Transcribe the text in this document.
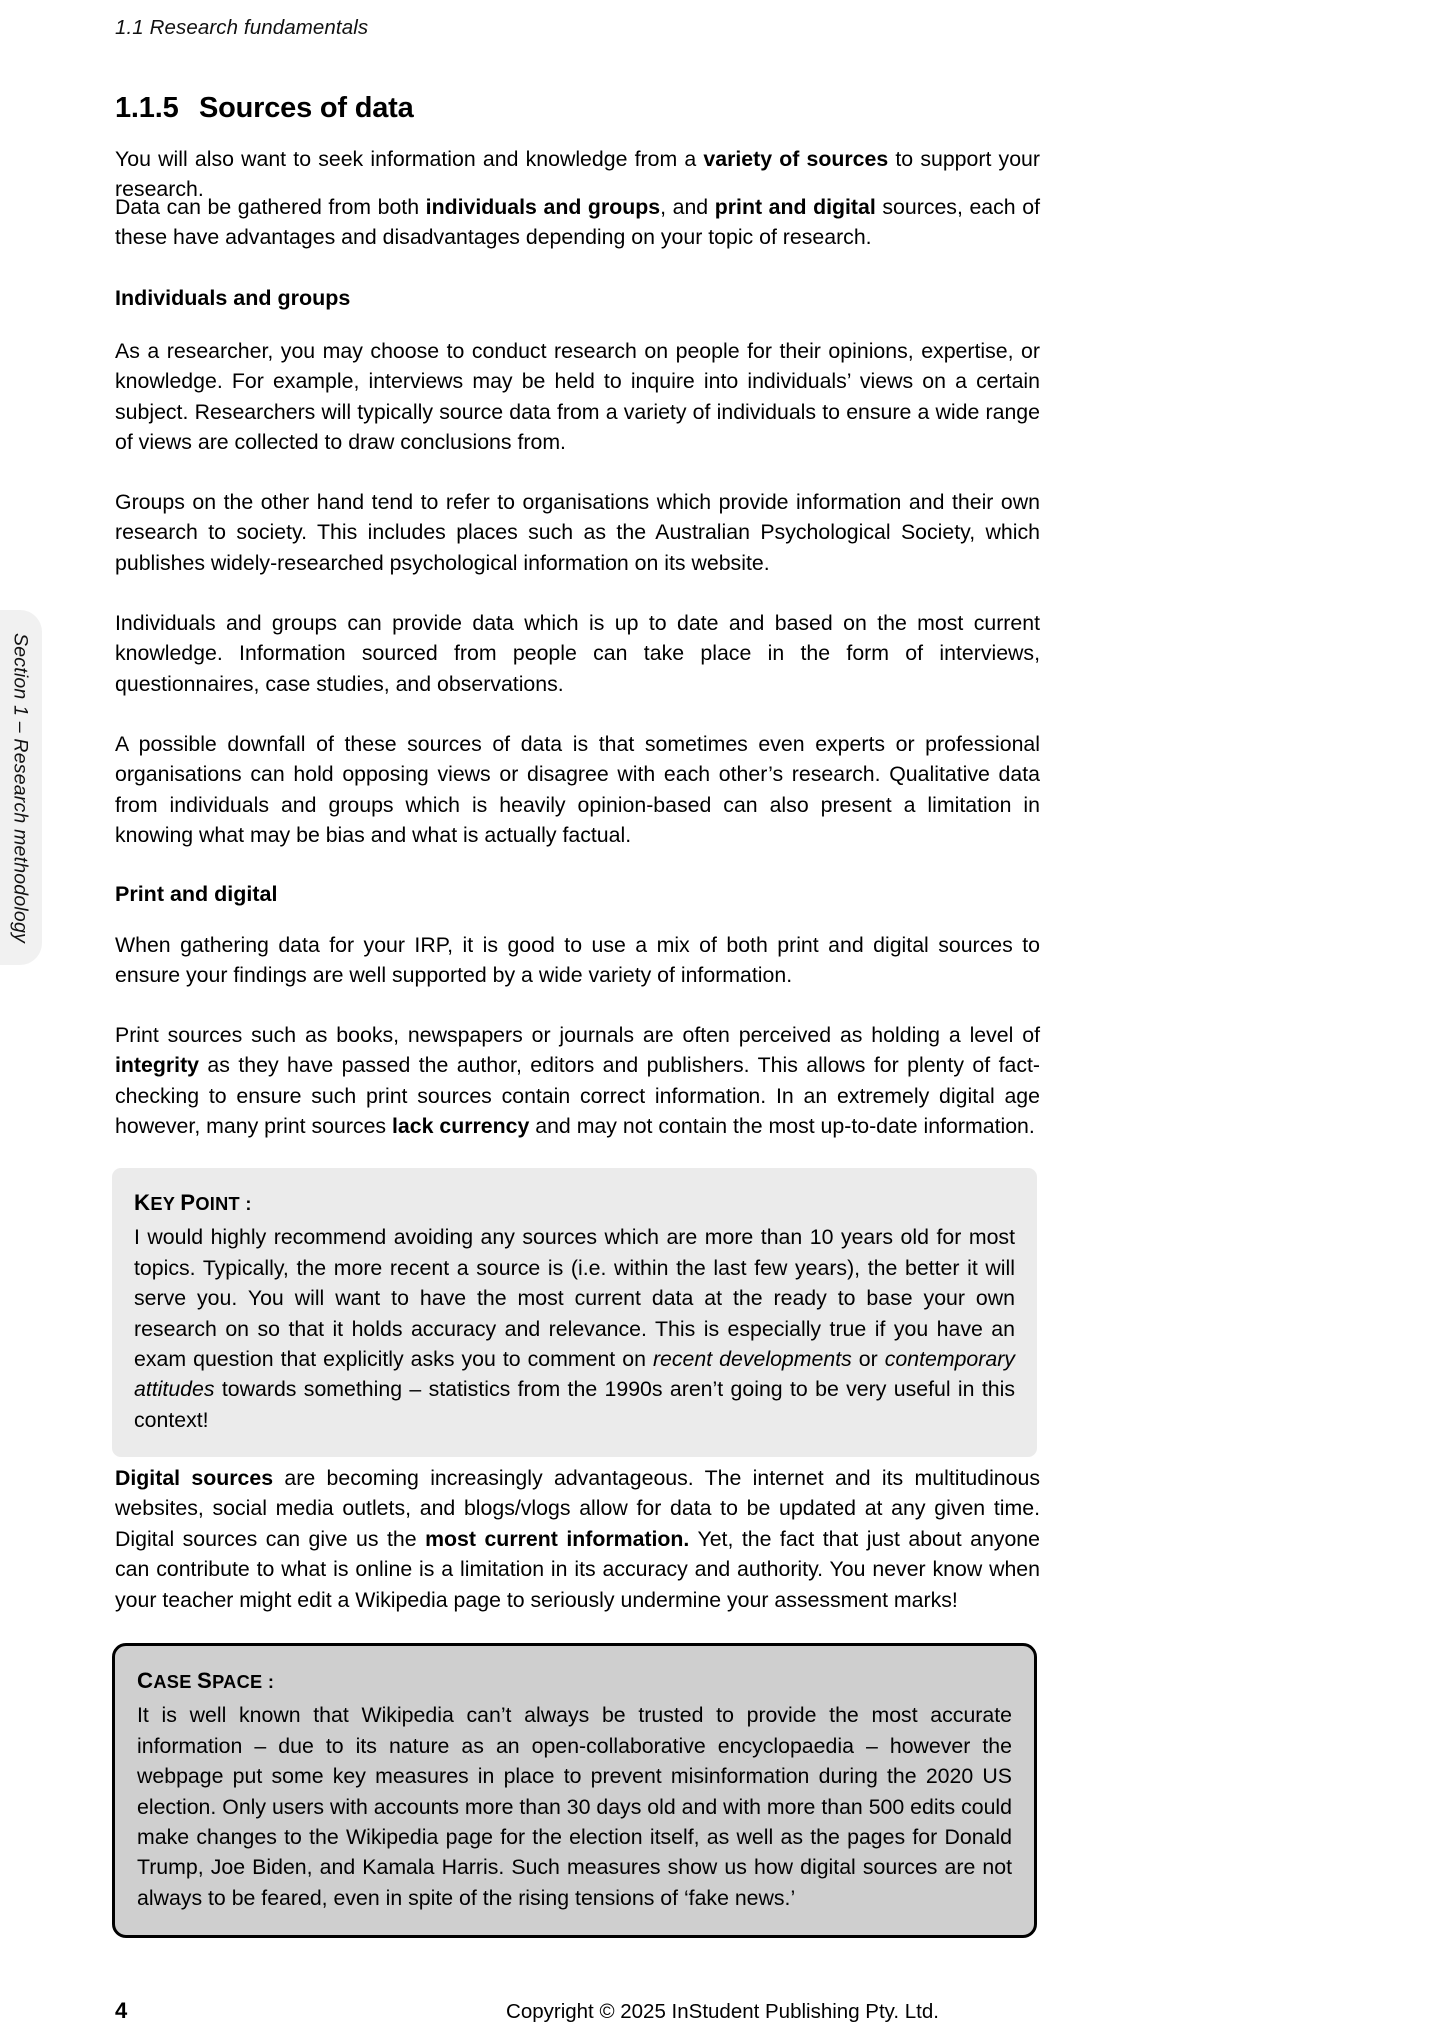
1.1 Research fundamentals
Section 1 – Research methodology
1.1.5 Sources of data

You will also want to seek information and knowledge from a variety of sources to support your research.

Data can be gathered from both individuals and groups, and print and digital sources, each of these have advantages and disadvantages depending on your topic of research.

Individuals and groups

As a researcher, you may choose to conduct research on people for their opinions, expertise, or knowledge. For example, interviews may be held to inquire into individuals’ views on a certain subject. Researchers will typically source data from a variety of individuals to ensure a wide range of views are collected to draw conclusions from.

Groups on the other hand tend to refer to organisations which provide information and their own research to society. This includes places such as the Australian Psychological Society, which publishes widely-researched psychological information on its website.

Individuals and groups can provide data which is up to date and based on the most current knowledge. Information sourced from people can take place in the form of interviews, questionnaires, case studies, and observations.

A possible downfall of these sources of data is that sometimes even experts or professional organisations can hold opposing views or disagree with each other’s research. Qualitative data from individuals and groups which is heavily opinion-based can also present a limitation in knowing what may be bias and what is actually factual.

Print and digital

When gathering data for your IRP, it is good to use a mix of both print and digital sources to ensure your findings are well supported by a wide variety of information.

Print sources such as books, newspapers or journals are often perceived as holding a level of integrity as they have passed the author, editors and publishers. This allows for plenty of fact-checking to ensure such print sources contain correct information. In an extremely digital age however, many print sources lack currency and may not contain the most up-to-date information.

KEY POINT :
I would highly recommend avoiding any sources which are more than 10 years old for most topics. Typically, the more recent a source is (i.e. within the last few years), the better it will serve you. You will want to have the most current data at the ready to base your own research on so that it holds accuracy and relevance. This is especially true if you have an exam question that explicitly asks you to comment on recent developments or contemporary attitudes towards something – statistics from the 1990s aren’t going to be very useful in this context!

Digital sources are becoming increasingly advantageous. The internet and its multitudinous websites, social media outlets, and blogs/vlogs allow for data to be updated at any given time. Digital sources can give us the most current information. Yet, the fact that just about anyone can contribute to what is online is a limitation in its accuracy and authority. You never know when your teacher might edit a Wikipedia page to seriously undermine your assessment marks!

CASE SPACE :
It is well known that Wikipedia can’t always be trusted to provide the most accurate information – due to its nature as an open-collaborative encyclopaedia – however the webpage put some key measures in place to prevent misinformation during the 2020 US election. Only users with accounts more than 30 days old and with more than 500 edits could make changes to the Wikipedia page for the election itself, as well as the pages for Donald Trump, Joe Biden, and Kamala Harris. Such measures show us how digital sources are not always to be feared, even in spite of the rising tensions of ‘fake news.’
4	Copyright © 2025 InStudent Publishing Pty. Ltd.
